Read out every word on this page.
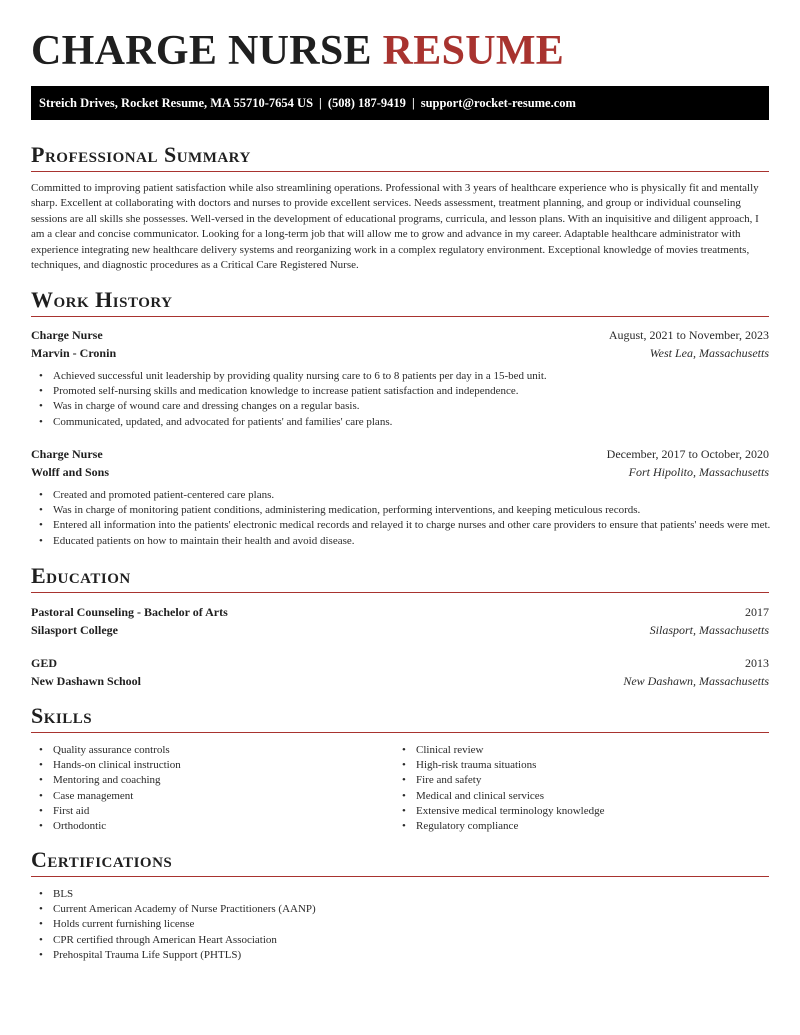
CHARGE NURSE RESUME
Streich Drives, Rocket Resume, MA 55710-7654 US | (508) 187-9419 | support@rocket-resume.com
Professional Summary

Committed to improving patient satisfaction while also streamlining operations. Professional with 3 years of healthcare experience who is physically fit and mentally sharp. Excellent at collaborating with doctors and nurses to provide excellent services. Needs assessment, treatment planning, and group or individual counseling sessions are all skills she possesses. Well-versed in the development of educational programs, curricula, and lesson plans. With an inquisitive and diligent approach, I am a clear and concise communicator. Looking for a long-term job that will allow me to grow and advance in my career. Adaptable healthcare administrator with experience integrating new healthcare delivery systems and reorganizing work in a complex regulatory environment. Exceptional knowledge of movies treatments, techniques, and diagnostic procedures as a Critical Care Registered Nurse.

Work History
Charge Nurse	August, 2021 to November, 2023
Marvin - Cronin	West Lea, Massachusetts
• Achieved successful unit leadership by providing quality nursing care to 6 to 8 patients per day in a 15-bed unit.
• Promoted self-nursing skills and medication knowledge to increase patient satisfaction and independence.
• Was in charge of wound care and dressing changes on a regular basis.
• Communicated, updated, and advocated for patients' and families' care plans.
Charge Nurse	December, 2017 to October, 2020
Wolff and Sons	Fort Hipolito, Massachusetts
• Created and promoted patient-centered care plans.
• Was in charge of monitoring patient conditions, administering medication, performing interventions, and keeping meticulous records.
• Entered all information into the patients' electronic medical records and relayed it to charge nurses and other care providers to ensure that patients' needs were met.
• Educated patients on how to maintain their health and avoid disease.
Education
Pastoral Counseling - Bachelor of Arts	2017
Silasport College	Silasport, Massachusetts
GED	2013
New Dashawn School	New Dashawn, Massachusetts
Skills
• Quality assurance controls
• Hands-on clinical instruction
• Mentoring and coaching
• Case management
• First aid
• Orthodontic
• Clinical review
• High-risk trauma situations
• Fire and safety
• Medical and clinical services
• Extensive medical terminology knowledge
• Regulatory compliance
Certifications
• BLS
• Current American Academy of Nurse Practitioners (AANP)
• Holds current furnishing license
• CPR certified through American Heart Association
• Prehospital Trauma Life Support (PHTLS)
